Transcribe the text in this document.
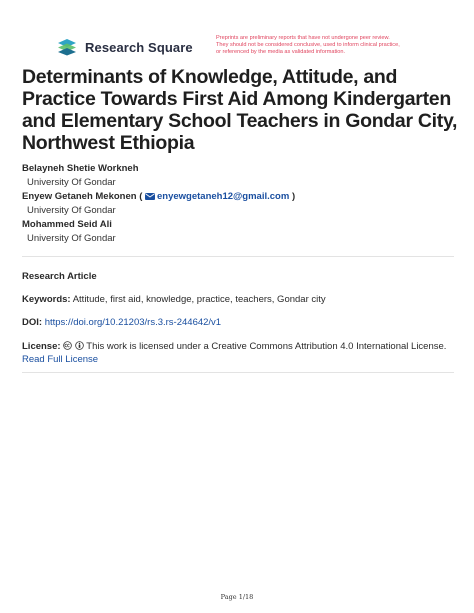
Research Square
Preprints are preliminary reports that have not undergone peer review.
They should not be considered conclusive, used to inform clinical practice,
or referenced by the media as validated information.
Determinants of Knowledge, Attitude, and Practice Towards First Aid Among Kindergarten and Elementary School Teachers in Gondar City, Northwest Ethiopia
Belayneh Shetie Workneh
University Of Gondar
Enyew Getaneh Mekonen ( enyewgetaneh12@gmail.com )
University Of Gondar
Mohammed Seid Ali
University Of Gondar
Research Article
Keywords: Attitude, first aid, knowledge, practice, teachers, Gondar city
DOI: https://doi.org/10.21203/rs.3.rs-244642/v1
License:	This work is licensed under a Creative Commons Attribution 4.0 International License.
Read Full License
Page 1/18
